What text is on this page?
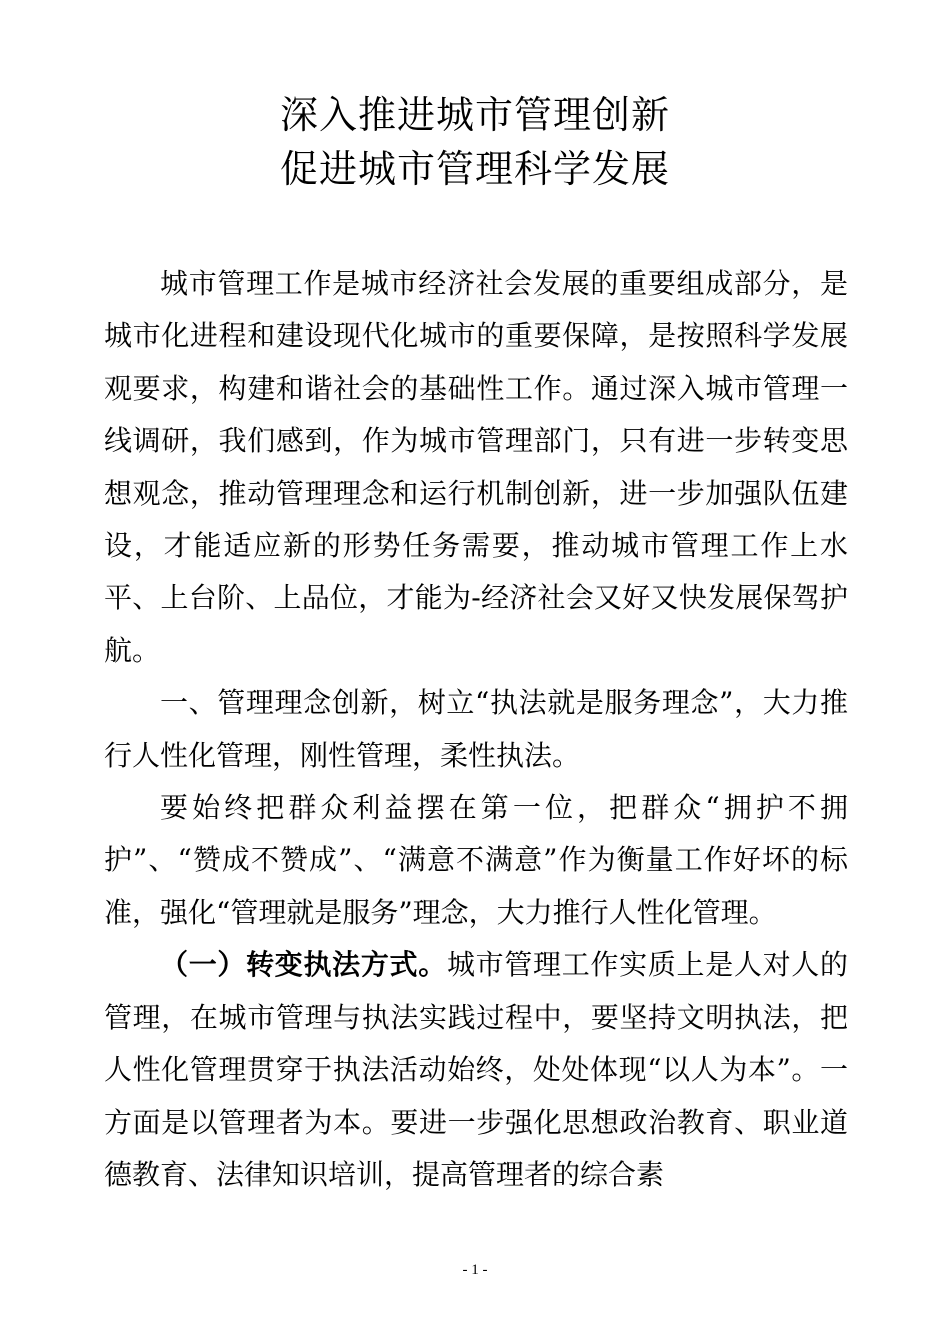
深入推进城市管理创新

促进城市管理科学发展

城市管理工作是城市经济社会发展的重要组成部分，是城市化进程和建设现代化城市的重要保障，是按照科学发展观要求，构建和谐社会的基础性工作。通过深入城市管理一线调研，我们感到，作为城市管理部门，只有进一步转变思想观念，推动管理理念和运行机制创新，进一步加强队伍建设，才能适应新的形势任务需要，推动城市管理工作上水平、上台阶、上品位，才能为-经济社会又好又快发展保驾护航。

一、管理理念创新，树立“执法就是服务理念”，大力推行人性化管理，刚性管理，柔性执法。

要始终把群众利益摆在第一位，把群众“拥护不拥护”、“赞成不赞成”、“满意不满意”作为衡量工作好坏的标准，强化“管理就是服务”理念，大力推行人性化管理。

（一）转变执法方式。城市管理工作实质上是人对人的管理，在城市管理与执法实践过程中，要坚持文明执法，把人性化管理贯穿于执法活动始终，处处体现“以人为本”。一方面是以管理者为本。要进一步强化思想政治教育、职业道德教育、法律知识培训，提高管理者的综合素

- 1 -
